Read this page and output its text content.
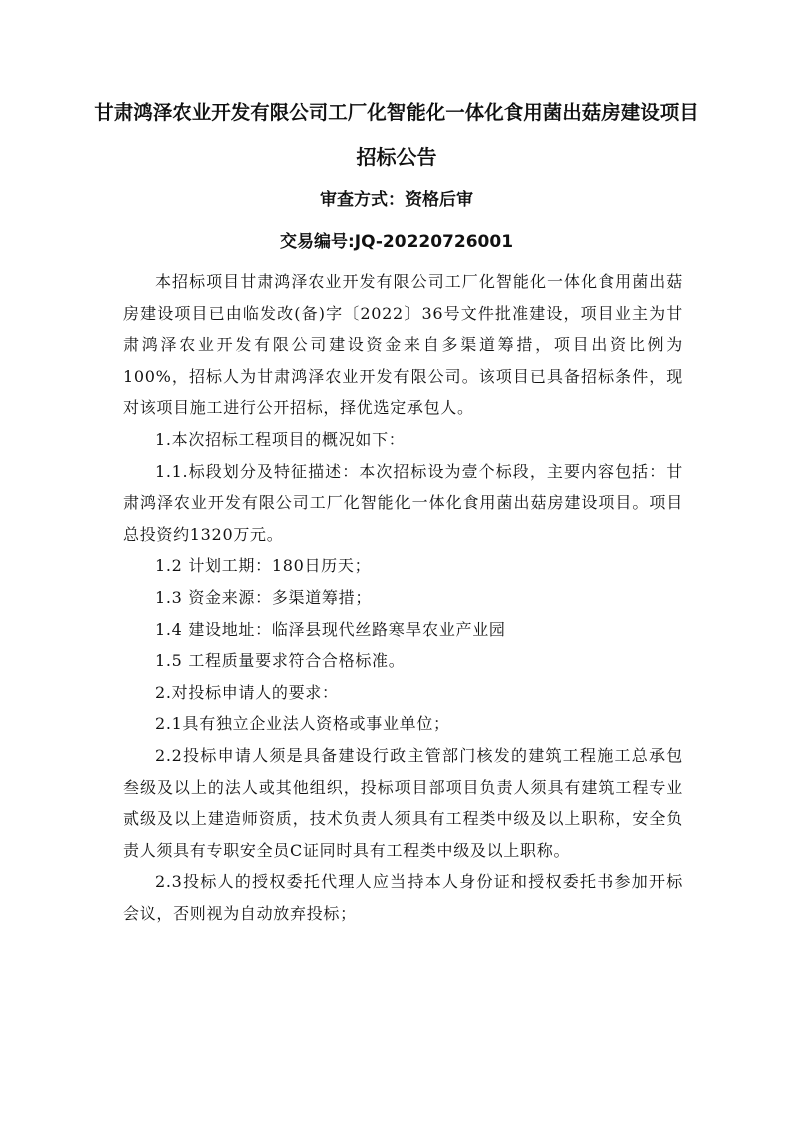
甘肃鸿泽农业开发有限公司工厂化智能化一体化食用菌出菇房建设项目
招标公告
审查方式：资格后审
交易编号:JQ-20220726001

本招标项目甘肃鸿泽农业开发有限公司工厂化智能化一体化食用菌出菇房建设项目已由临发改(备)字〔2022〕36号文件批准建设，项目业主为甘肃鸿泽农业开发有限公司建设资金来自多渠道筹措，项目出资比例为 100%，招标人为甘肃鸿泽农业开发有限公司。该项目已具备招标条件，现对该项目施工进行公开招标，择优选定承包人。

1.本次招标工程项目的概况如下：

1.1.标段划分及特征描述：本次招标设为壹个标段，主要内容包括：甘肃鸿泽农业开发有限公司工厂化智能化一体化食用菌出菇房建设项目。项目总投资约1320万元。

1.2 计划工期：180日历天；

1.3 资金来源：多渠道筹措；

1.4 建设地址：临泽县现代丝路寒旱农业产业园

1.5 工程质量要求符合合格标准。

2.对投标申请人的要求：

2.1具有独立企业法人资格或事业单位；

2.2投标申请人须是具备建设行政主管部门核发的建筑工程施工总承包叁级及以上的法人或其他组织，投标项目部项目负责人须具有建筑工程专业贰级及以上建造师资质，技术负责人须具有工程类中级及以上职称，安全负责人须具有专职安全员C证同时具有工程类中级及以上职称。

2.3投标人的授权委托代理人应当持本人身份证和授权委托书参加开标会议，否则视为自动放弃投标；
